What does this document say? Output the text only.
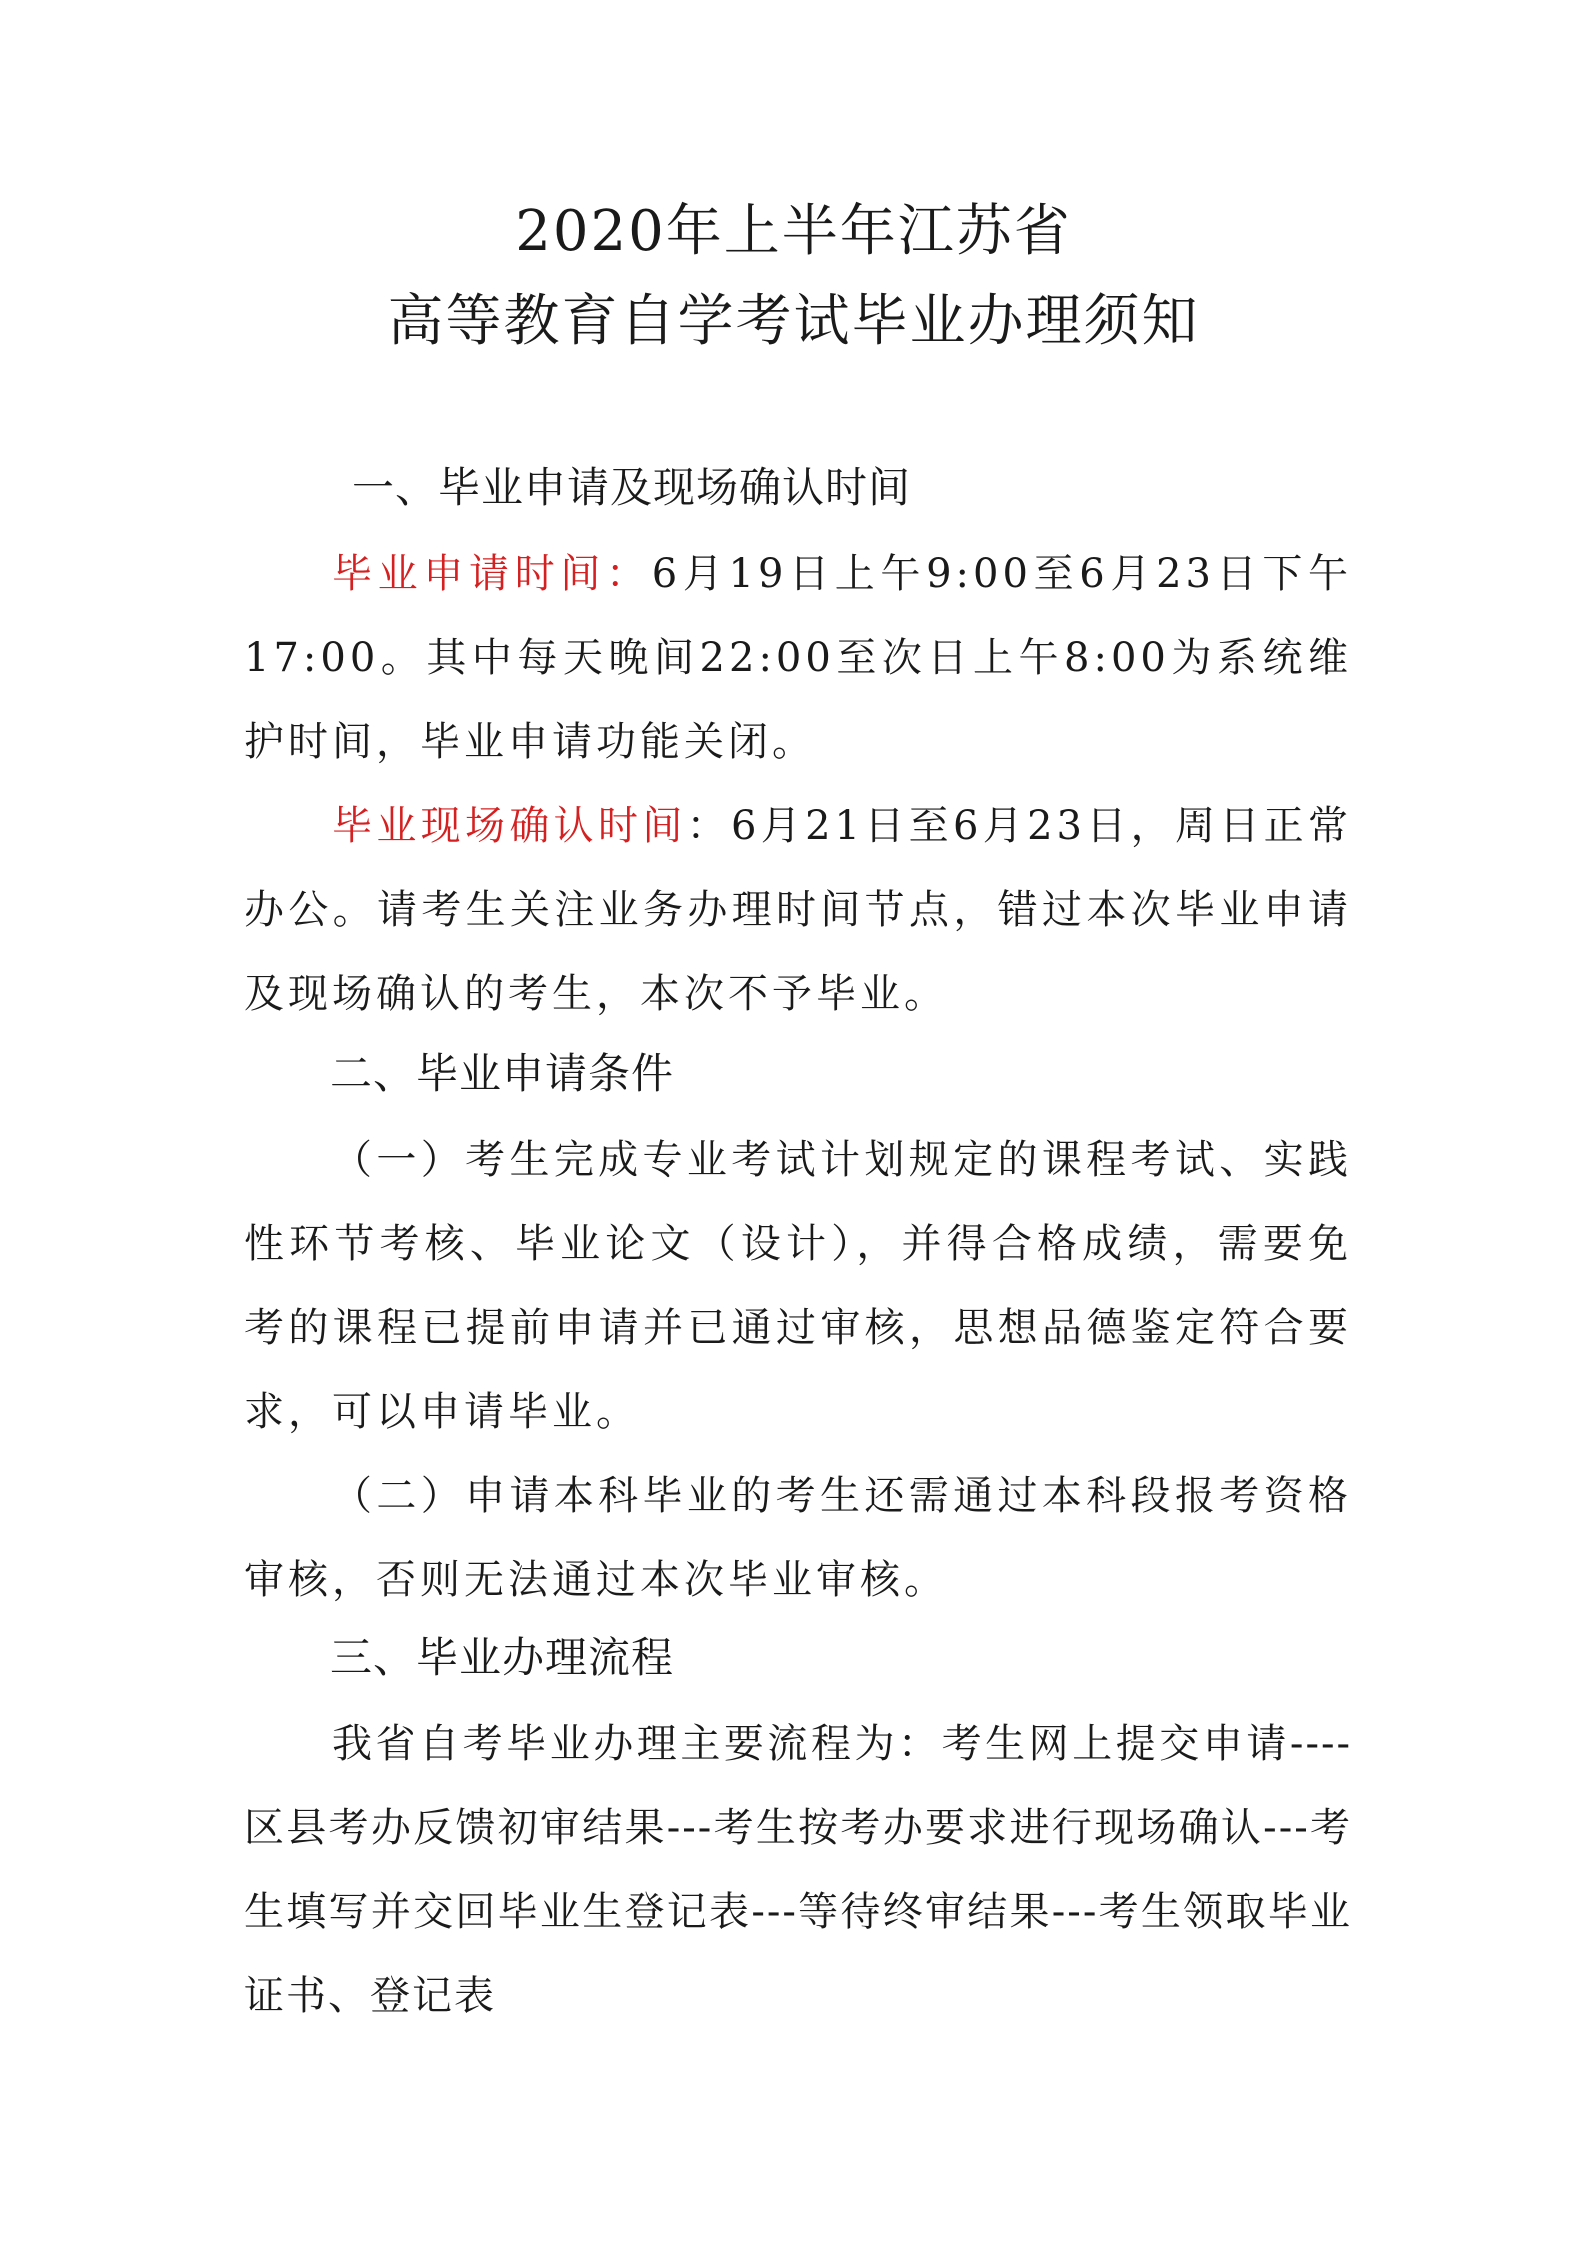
2020年上半年江苏省
高等教育自学考试毕业办理须知
一、毕业申请及现场确认时间
毕业申请时间：6月19日上午9:00至6月23日下午17:00。其中每天晚间22:00至次日上午8:00为系统维护时间，毕业申请功能关闭。
毕业现场确认时间：6月21日至6月23日，周日正常办公。请考生关注业务办理时间节点，错过本次毕业申请及现场确认的考生，本次不予毕业。
二、毕业申请条件
（一）考生完成专业考试计划规定的课程考试、实践性环节考核、毕业论文（设计），并得合格成绩，需要免考的课程已提前申请并已通过审核，思想品德鉴定符合要求，可以申请毕业。
（二）申请本科毕业的考生还需通过本科段报考资格审核，否则无法通过本次毕业审核。
三、毕业办理流程
我省自考毕业办理主要流程为：考生网上提交申请----区县考办反馈初审结果---考生按考办要求进行现场确认---考生填写并交回毕业生登记表---等待终审结果---考生领取毕业证书、登记表
